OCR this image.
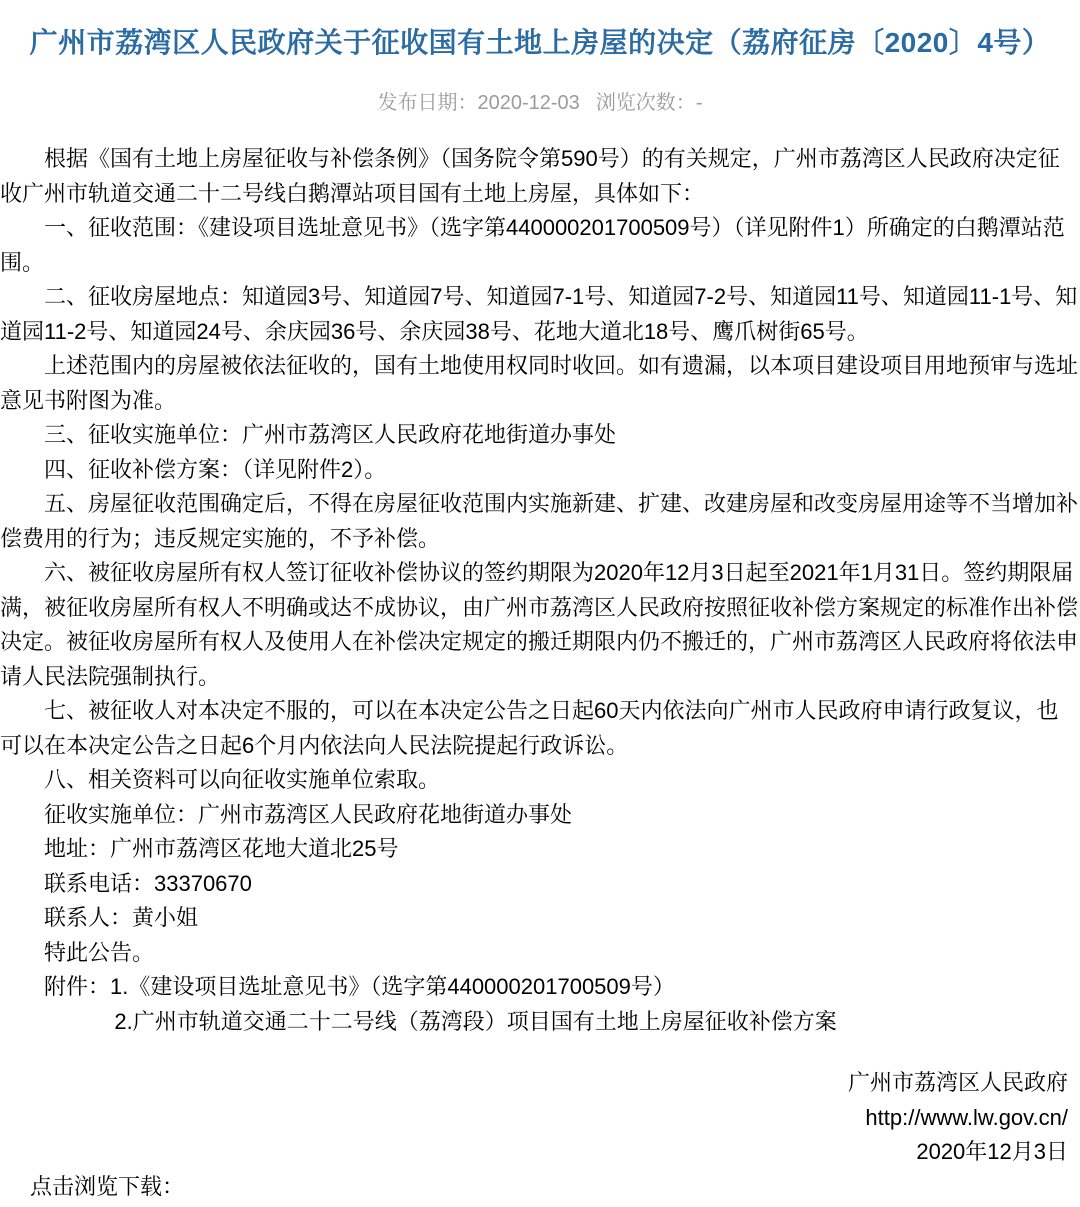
广州市荔湾区人民政府关于征收国有土地上房屋的决定（荔府征房〔2020〕4号）
发布日期：2020-12-03 浏览次数：-

根据《国有土地上房屋征收与补偿条例》（国务院令第590号）的有关规定，广州市荔湾区人民政府决定征收广州市轨道交通二十二号线白鹅潭站项目国有土地上房屋，具体如下：

一、征收范围：《建设项目选址意见书》（选字第440000201700509号）（详见附件1）所确定的白鹅潭站范围。

二、征收房屋地点：知道园3号、知道园7号、知道园7-1号、知道园7-2号、知道园11号、知道园11-1号、知道园11-2号、知道园24号、余庆园36号、余庆园38号、花地大道北18号、鹰爪树街65号。

上述范围内的房屋被依法征收的，国有土地使用权同时收回。如有遗漏，以本项目建设项目用地预审与选址意见书附图为准。

三、征收实施单位：广州市荔湾区人民政府花地街道办事处

四、征收补偿方案：（详见附件2）。

五、房屋征收范围确定后，不得在房屋征收范围内实施新建、扩建、改建房屋和改变房屋用途等不当增加补偿费用的行为；违反规定实施的，不予补偿。

六、被征收房屋所有权人签订征收补偿协议的签约期限为2020年12月3日起至2021年1月31日。签约期限届满，被征收房屋所有权人不明确或达不成协议，由广州市荔湾区人民政府按照征收补偿方案规定的标准作出补偿决定。被征收房屋所有权人及使用人在补偿决定规定的搬迁期限内仍不搬迁的，广州市荔湾区人民政府将依法申请人民法院强制执行。

七、被征收人对本决定不服的，可以在本决定公告之日起60天内依法向广州市人民政府申请行政复议，也可以在本决定公告之日起6个月内依法向人民法院提起行政诉讼。

八、相关资料可以向征收实施单位索取。

征收实施单位：广州市荔湾区人民政府花地街道办事处

地址：广州市荔湾区花地大道北25号

联系电话：33370670

联系人：黄小姐

特此公告。

附件：1.《建设项目选址意见书》（选字第440000201700509号）

2.广州市轨道交通二十二号线（荔湾段）项目国有土地上房屋征收补偿方案

广州市荔湾区人民政府
http://www.lw.gov.cn/
2020年12月3日

点击浏览下载：
